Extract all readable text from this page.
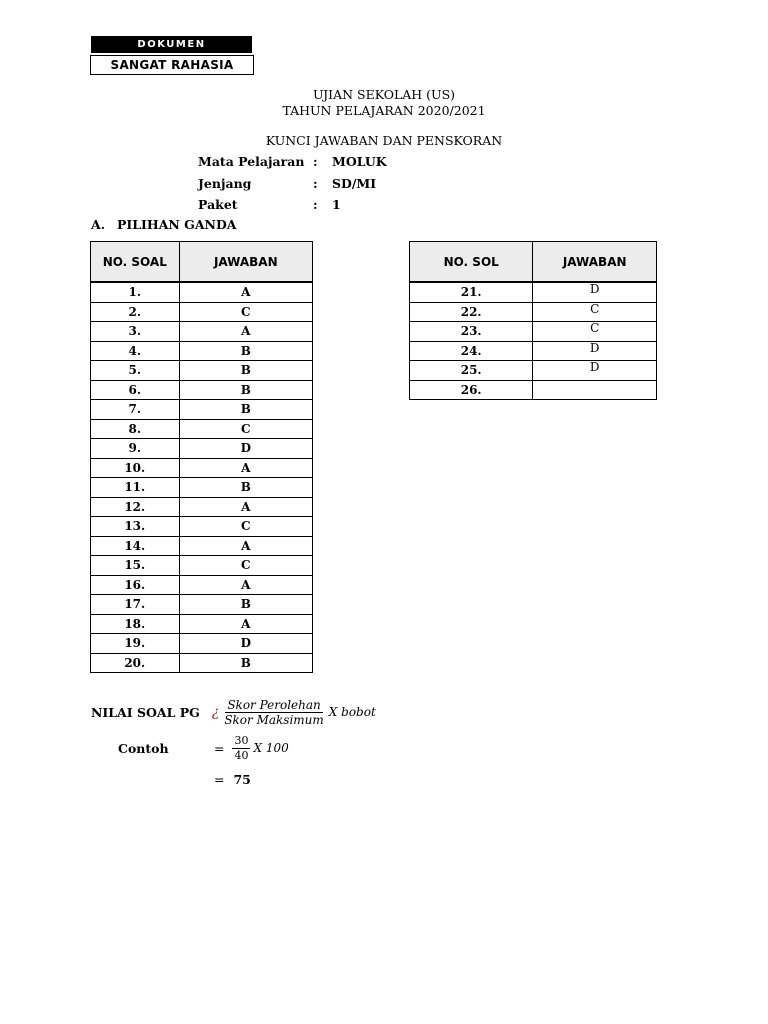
DOKUMEN
SANGAT RAHASIA
UJIAN SEKOLAH (US)
TAHUN PELAJARAN 2020/2021
KUNCI JAWABAN DAN PENSKORAN
Mata Pelajaran : MOLUK
Jenjang	: SD/MI
Paket	: 1
A. PILIHAN GANDA
NO. SOAL	JAWABAN

1.	A
2.	C
3.	A
4.	B
5.	B
6.	B
7.	B
8.	C
9.	D
10.	A
11.	B
12.	A
13.	C
14.	A
15.	C
16.	A
17.	B
18.	A
19.	D
20.	B
NO. SOL	JAWABAN

21.	D
22.	C
23.	C
24.	D
25.	D
26.	
NILAI SOAL PG ¿ $\frac{\text{Skor Perolehan}}{\text{Skor Maksimum}}$ X bobot
Contoh	= $\frac{30}{40}$ X 100
= 75
